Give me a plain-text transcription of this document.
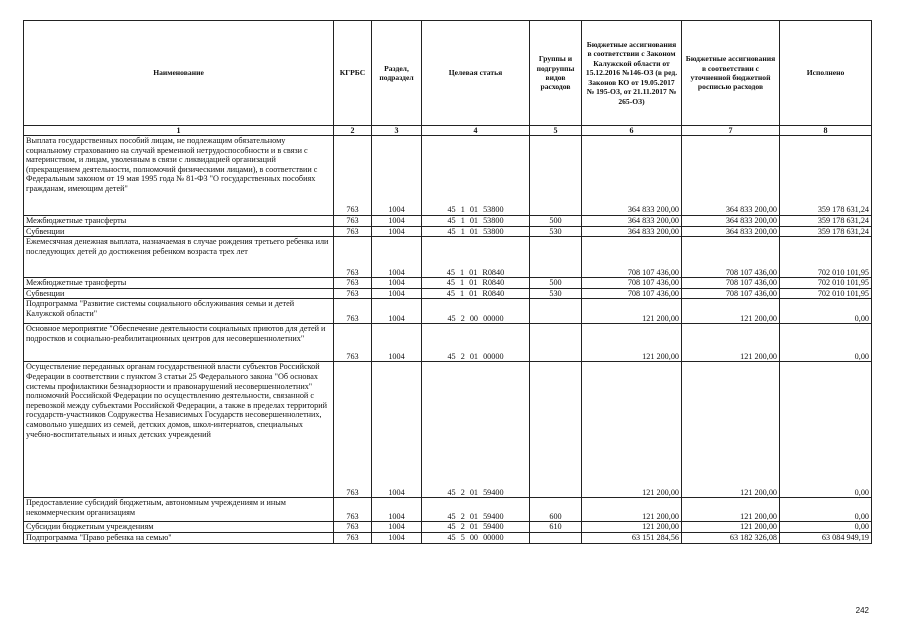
Наименование	КГРБС	Раздел, подраздел	Целевая статья	Группы и подгруппы видов расходов	Бюджетные ассигнования в соответствии с Законом Калужской области от 15.12.2016 №146-ОЗ (в ред. Законов КО от 19.05.2017 № 195-ОЗ, от 21.11.2017 № 265-ОЗ)	Бюджетные ассигнования в соответствии с уточненной бюджетной росписью расходов	Исполнено
1	2	3	4	5	6	7	8
Выплата государственных пособий лицам, не подлежащим обязательному социальному страхованию на случай временной нетрудоспособности и в связи с материнством, и лицам, уволенным в связи с ликвидацией организаций (прекращением деятельности, полномочий физическими лицами), в соответствии с Федеральным законом от 19 мая 1995 года № 81-ФЗ "О государственных пособиях гражданам, имеющим детей"	763	1004	45 1 01 53800		364 833 200,00	364 833 200,00	359 178 631,24
Межбюджетные трансферты	763	1004	45 1 01 53800	500	364 833 200,00	364 833 200,00	359 178 631,24
Субвенции	763	1004	45 1 01 53800	530	364 833 200,00	364 833 200,00	359 178 631,24
Ежемесячная денежная выплата, назначаемая в случае рождения третьего ребенка или последующих детей до достижения ребенком возраста трех лет	763	1004	45 1 01 R0840		708 107 436,00	708 107 436,00	702 010 101,95
Межбюджетные трансферты	763	1004	45 1 01 R0840	500	708 107 436,00	708 107 436,00	702 010 101,95
Субвенции	763	1004	45 1 01 R0840	530	708 107 436,00	708 107 436,00	702 010 101,95
Подпрограмма "Развитие системы социального обслуживания семьи и детей Калужской области"	763	1004	45 2 00 00000		121 200,00	121 200,00	0,00
Основное мероприятие "Обеспечение деятельности социальных приютов для детей и подростков и социально-реабилитационных центров для несовершеннолетних"	763	1004	45 2 01 00000		121 200,00	121 200,00	0,00
Осуществление переданных органам государственной власти субъектов Российской Федерации в соответствии с пунктом 3 статьи 25 Федерального закона "Об основах системы профилактики безнадзорности и правонарушений несовершеннолетних" полномочий Российской Федерации по осуществлению деятельности, связанной с перевозкой между субъектами Российской Федерации, а также в пределах территорий государств-участников Содружества Независимых Государств несовершеннолетних, самовольно ушедших из семей, детских домов, школ-интернатов, специальных учебно-воспитательных и иных детских учреждений	763	1004	45 2 01 59400		121 200,00	121 200,00	0,00
Предоставление субсидий бюджетным, автономным учреждениям и иным некоммерческим организациям	763	1004	45 2 01 59400	600	121 200,00	121 200,00	0,00
Субсидии бюджетным учреждениям	763	1004	45 2 01 59400	610	121 200,00	121 200,00	0,00
Подпрограмма "Право ребенка на семью"	763	1004	45 5 00 00000		63 151 284,56	63 182 326,08	63 084 949,19
242
